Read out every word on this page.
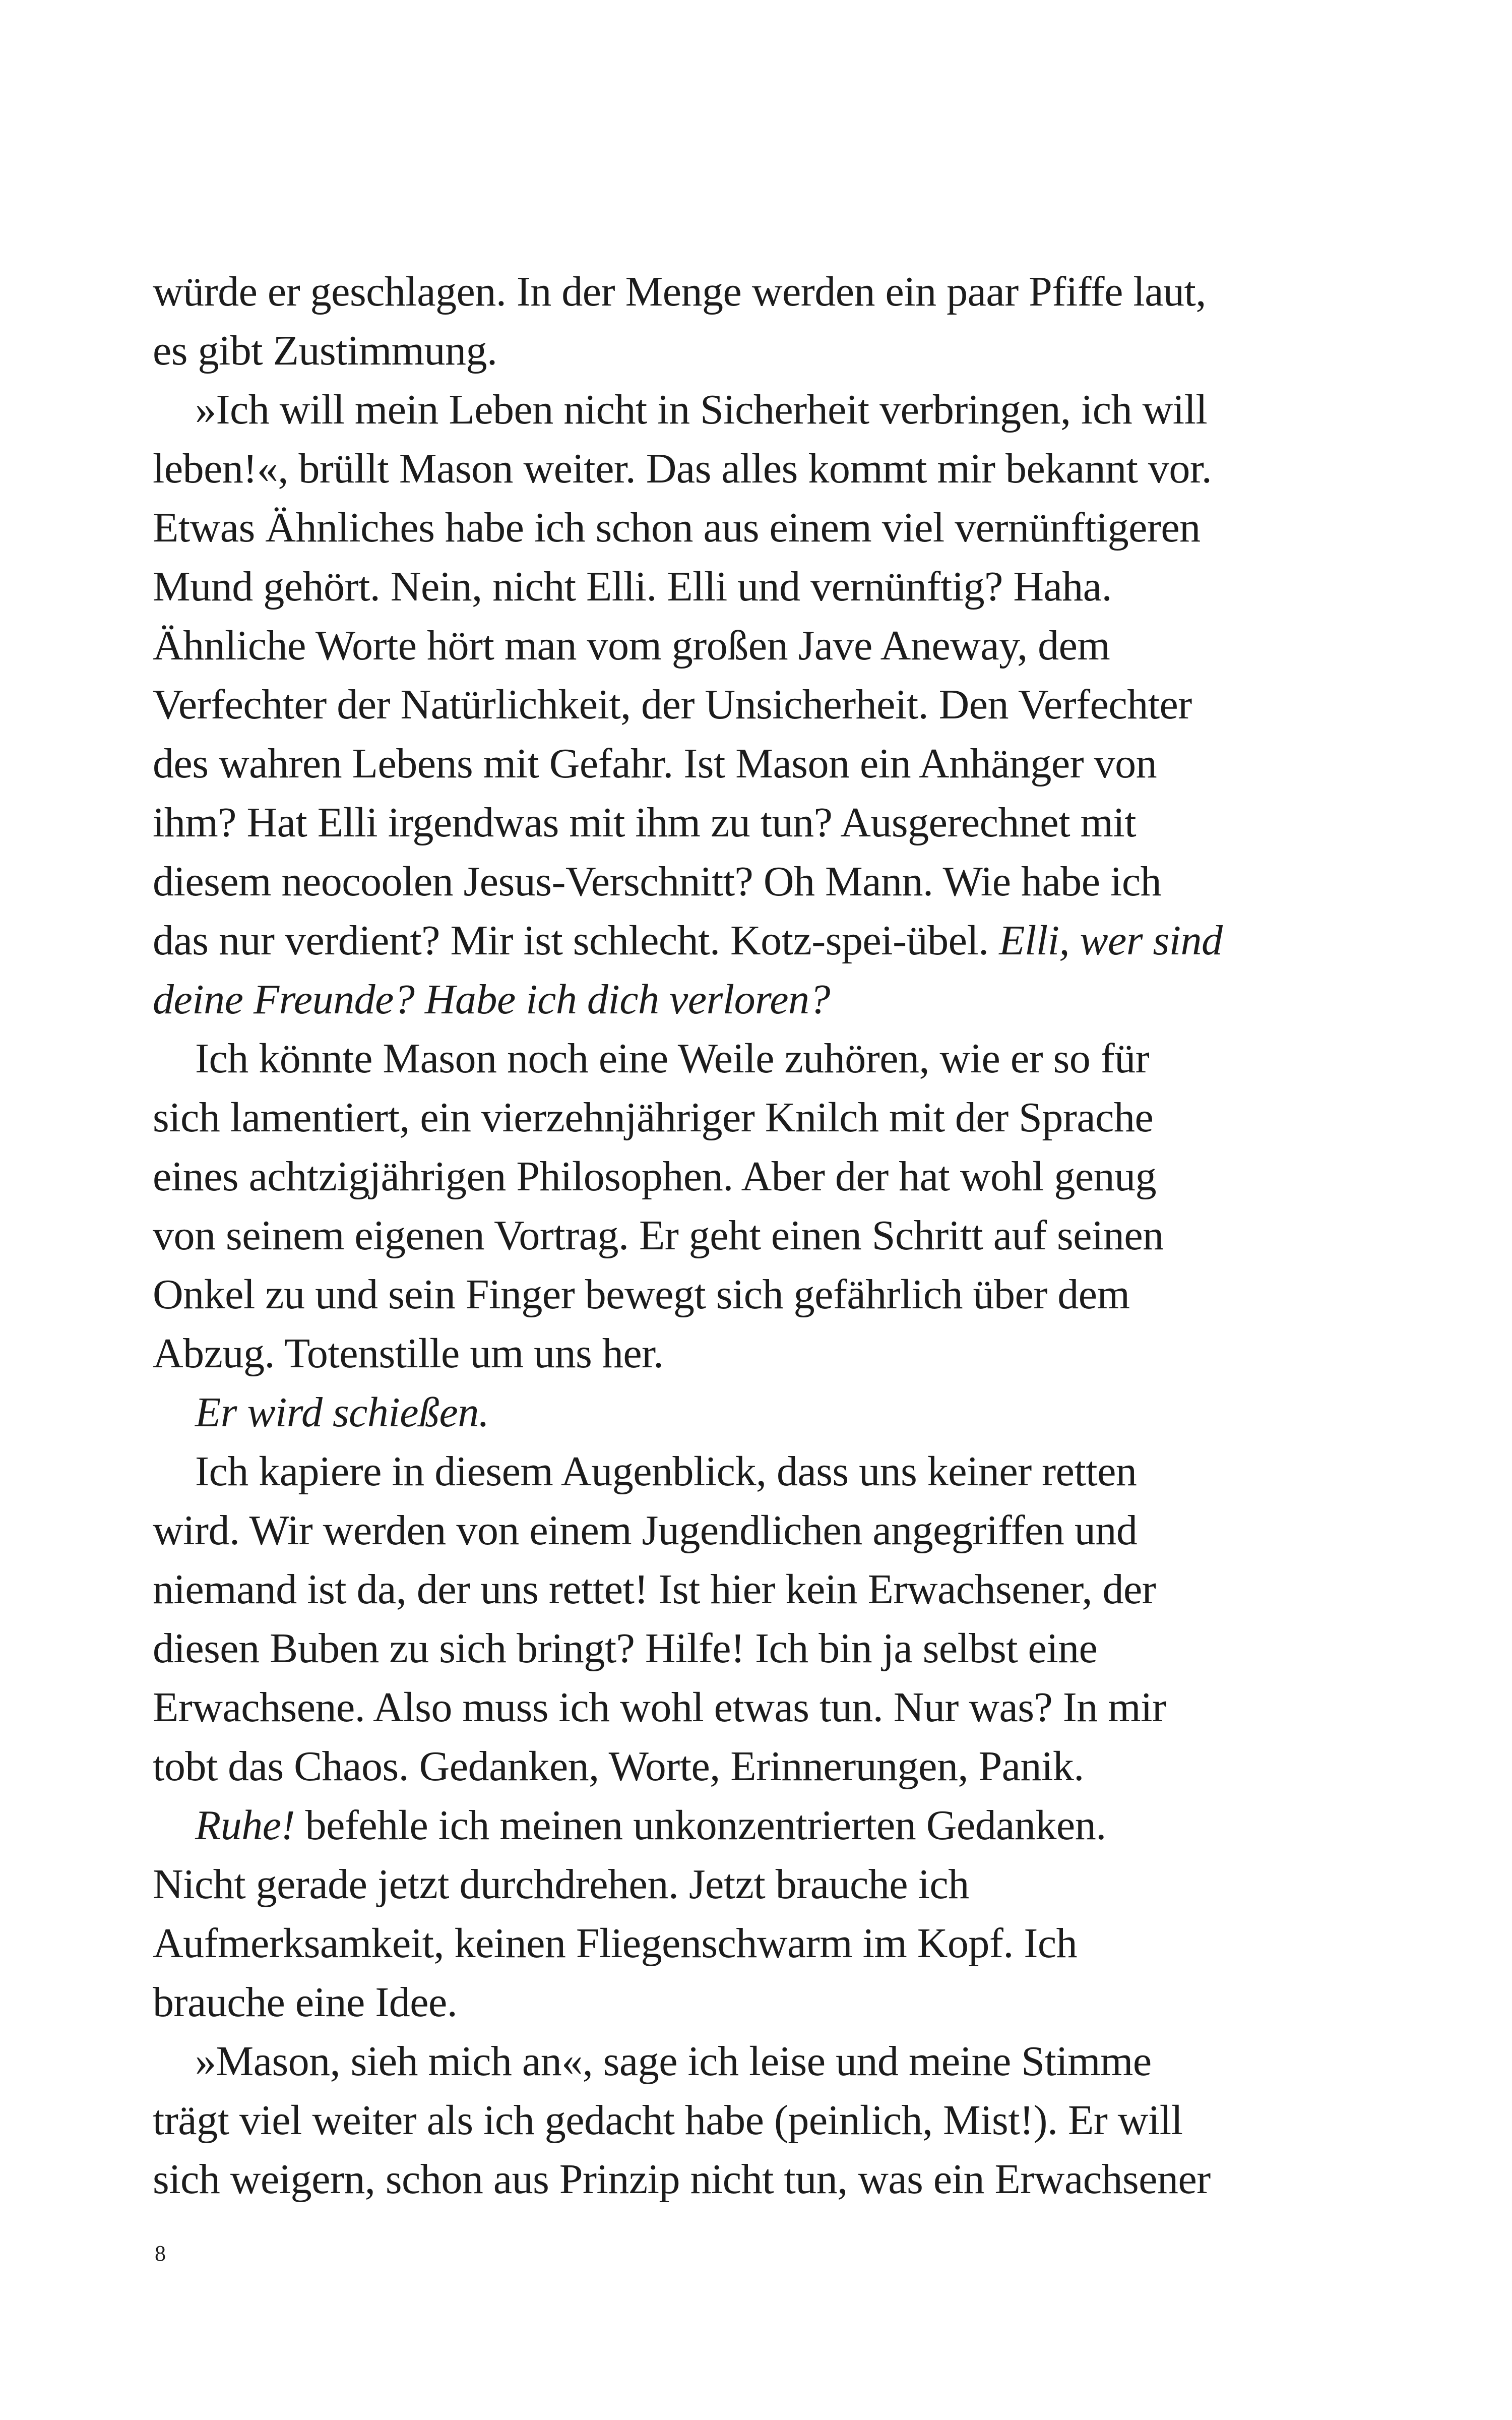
würde er geschlagen. In der Menge werden ein paar Pfiffe laut,
es gibt Zustimmung.
»Ich will mein Leben nicht in Sicherheit verbringen, ich will
leben!«, brüllt Mason weiter. Das alles kommt mir bekannt vor.
Etwas Ähnliches habe ich schon aus einem viel vernünftigeren
Mund gehört. Nein, nicht Elli. Elli und vernünftig? Haha.
Ähnliche Worte hört man vom großen Jave Aneway, dem
Verfechter der Natürlichkeit, der Unsicherheit. Den Verfechter
des wahren Lebens mit Gefahr. Ist Mason ein Anhänger von
ihm? Hat Elli irgendwas mit ihm zu tun? Ausgerechnet mit
diesem neocoolen Jesus-Verschnitt? Oh Mann. Wie habe ich
das nur verdient? Mir ist schlecht. Kotz-spei-übel. Elli, wer sind
deine Freunde? Habe ich dich verloren?
Ich könnte Mason noch eine Weile zuhören, wie er so für
sich lamentiert, ein vierzehnjähriger Knilch mit der Sprache
eines achtzigjährigen Philosophen. Aber der hat wohl genug
von seinem eigenen Vortrag. Er geht einen Schritt auf seinen
Onkel zu und sein Finger bewegt sich gefährlich über dem
Abzug. Totenstille um uns her.
Er wird schießen.
Ich kapiere in diesem Augenblick, dass uns keiner retten
wird. Wir werden von einem Jugendlichen angegriffen und
niemand ist da, der uns rettet! Ist hier kein Erwachsener, der
diesen Buben zu sich bringt? Hilfe! Ich bin ja selbst eine
Erwachsene. Also muss ich wohl etwas tun. Nur was? In mir
tobt das Chaos. Gedanken, Worte, Erinnerungen, Panik.
Ruhe! befehle ich meinen unkonzentrierten Gedanken.
Nicht gerade jetzt durchdrehen. Jetzt brauche ich
Aufmerksamkeit, keinen Fliegenschwarm im Kopf. Ich
brauche eine Idee.
»Mason, sieh mich an«, sage ich leise und meine Stimme
trägt viel weiter als ich gedacht habe (peinlich, Mist!). Er will
sich weigern, schon aus Prinzip nicht tun, was ein Erwachsener
8
